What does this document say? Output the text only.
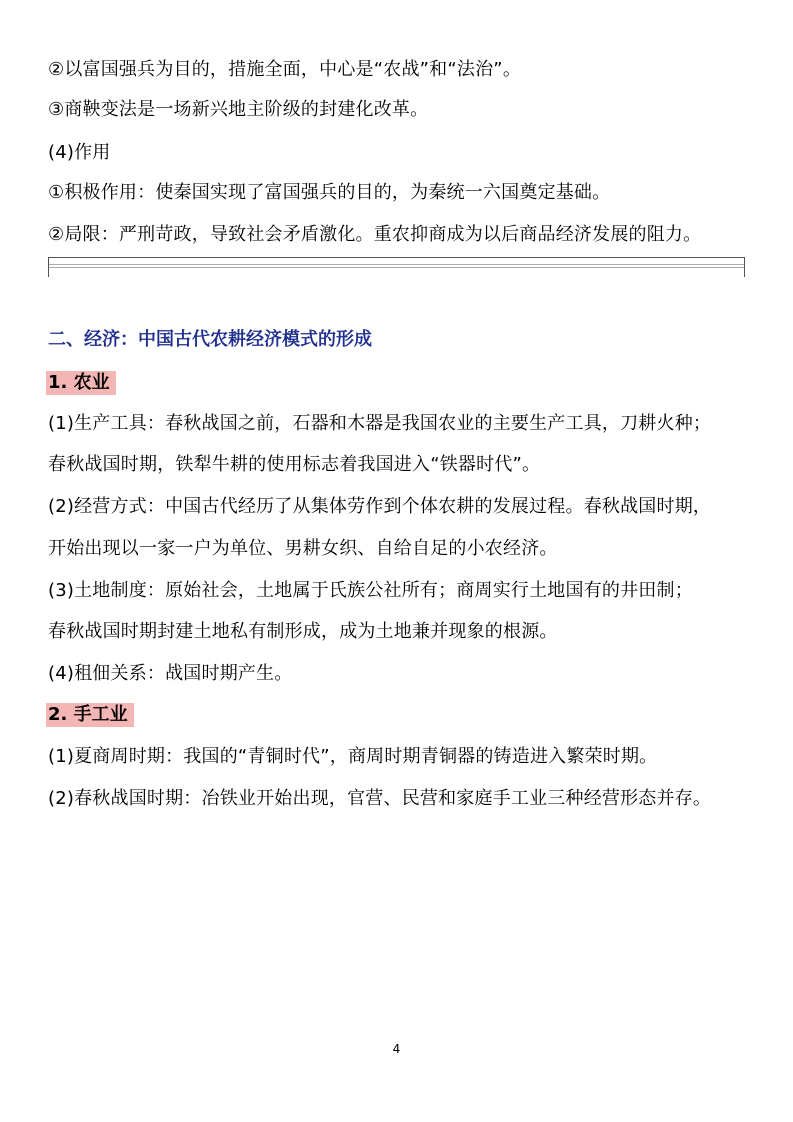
②以富国强兵为目的，措施全面，中心是“农战”和“法治”。
③商鞅变法是一场新兴地主阶级的封建化改革。
(4)作用
①积极作用：使秦国实现了富国强兵的目的，为秦统一六国奠定基础。
②局限：严刑苛政，导致社会矛盾激化。重农抑商成为以后商品经济发展的阻力。
二、经济：中国古代农耕经济模式的形成
1. 农业
(1)生产工具：春秋战国之前，石器和木器是我国农业的主要生产工具，刀耕火种；
春秋战国时期，铁犁牛耕的使用标志着我国进入“铁器时代”。
(2)经营方式：中国古代经历了从集体劳作到个体农耕的发展过程。春秋战国时期，
开始出现以一家一户为单位、男耕女织、自给自足的小农经济。
(3)土地制度：原始社会，土地属于氏族公社所有；商周实行土地国有的井田制；
春秋战国时期封建土地私有制形成，成为土地兼并现象的根源。
(4)租佃关系：战国时期产生。
2. 手工业
(1)夏商周时期：我国的“青铜时代”，商周时期青铜器的铸造进入繁荣时期。
(2)春秋战国时期：冶铁业开始出现，官营、民营和家庭手工业三种经营形态并存。
4
